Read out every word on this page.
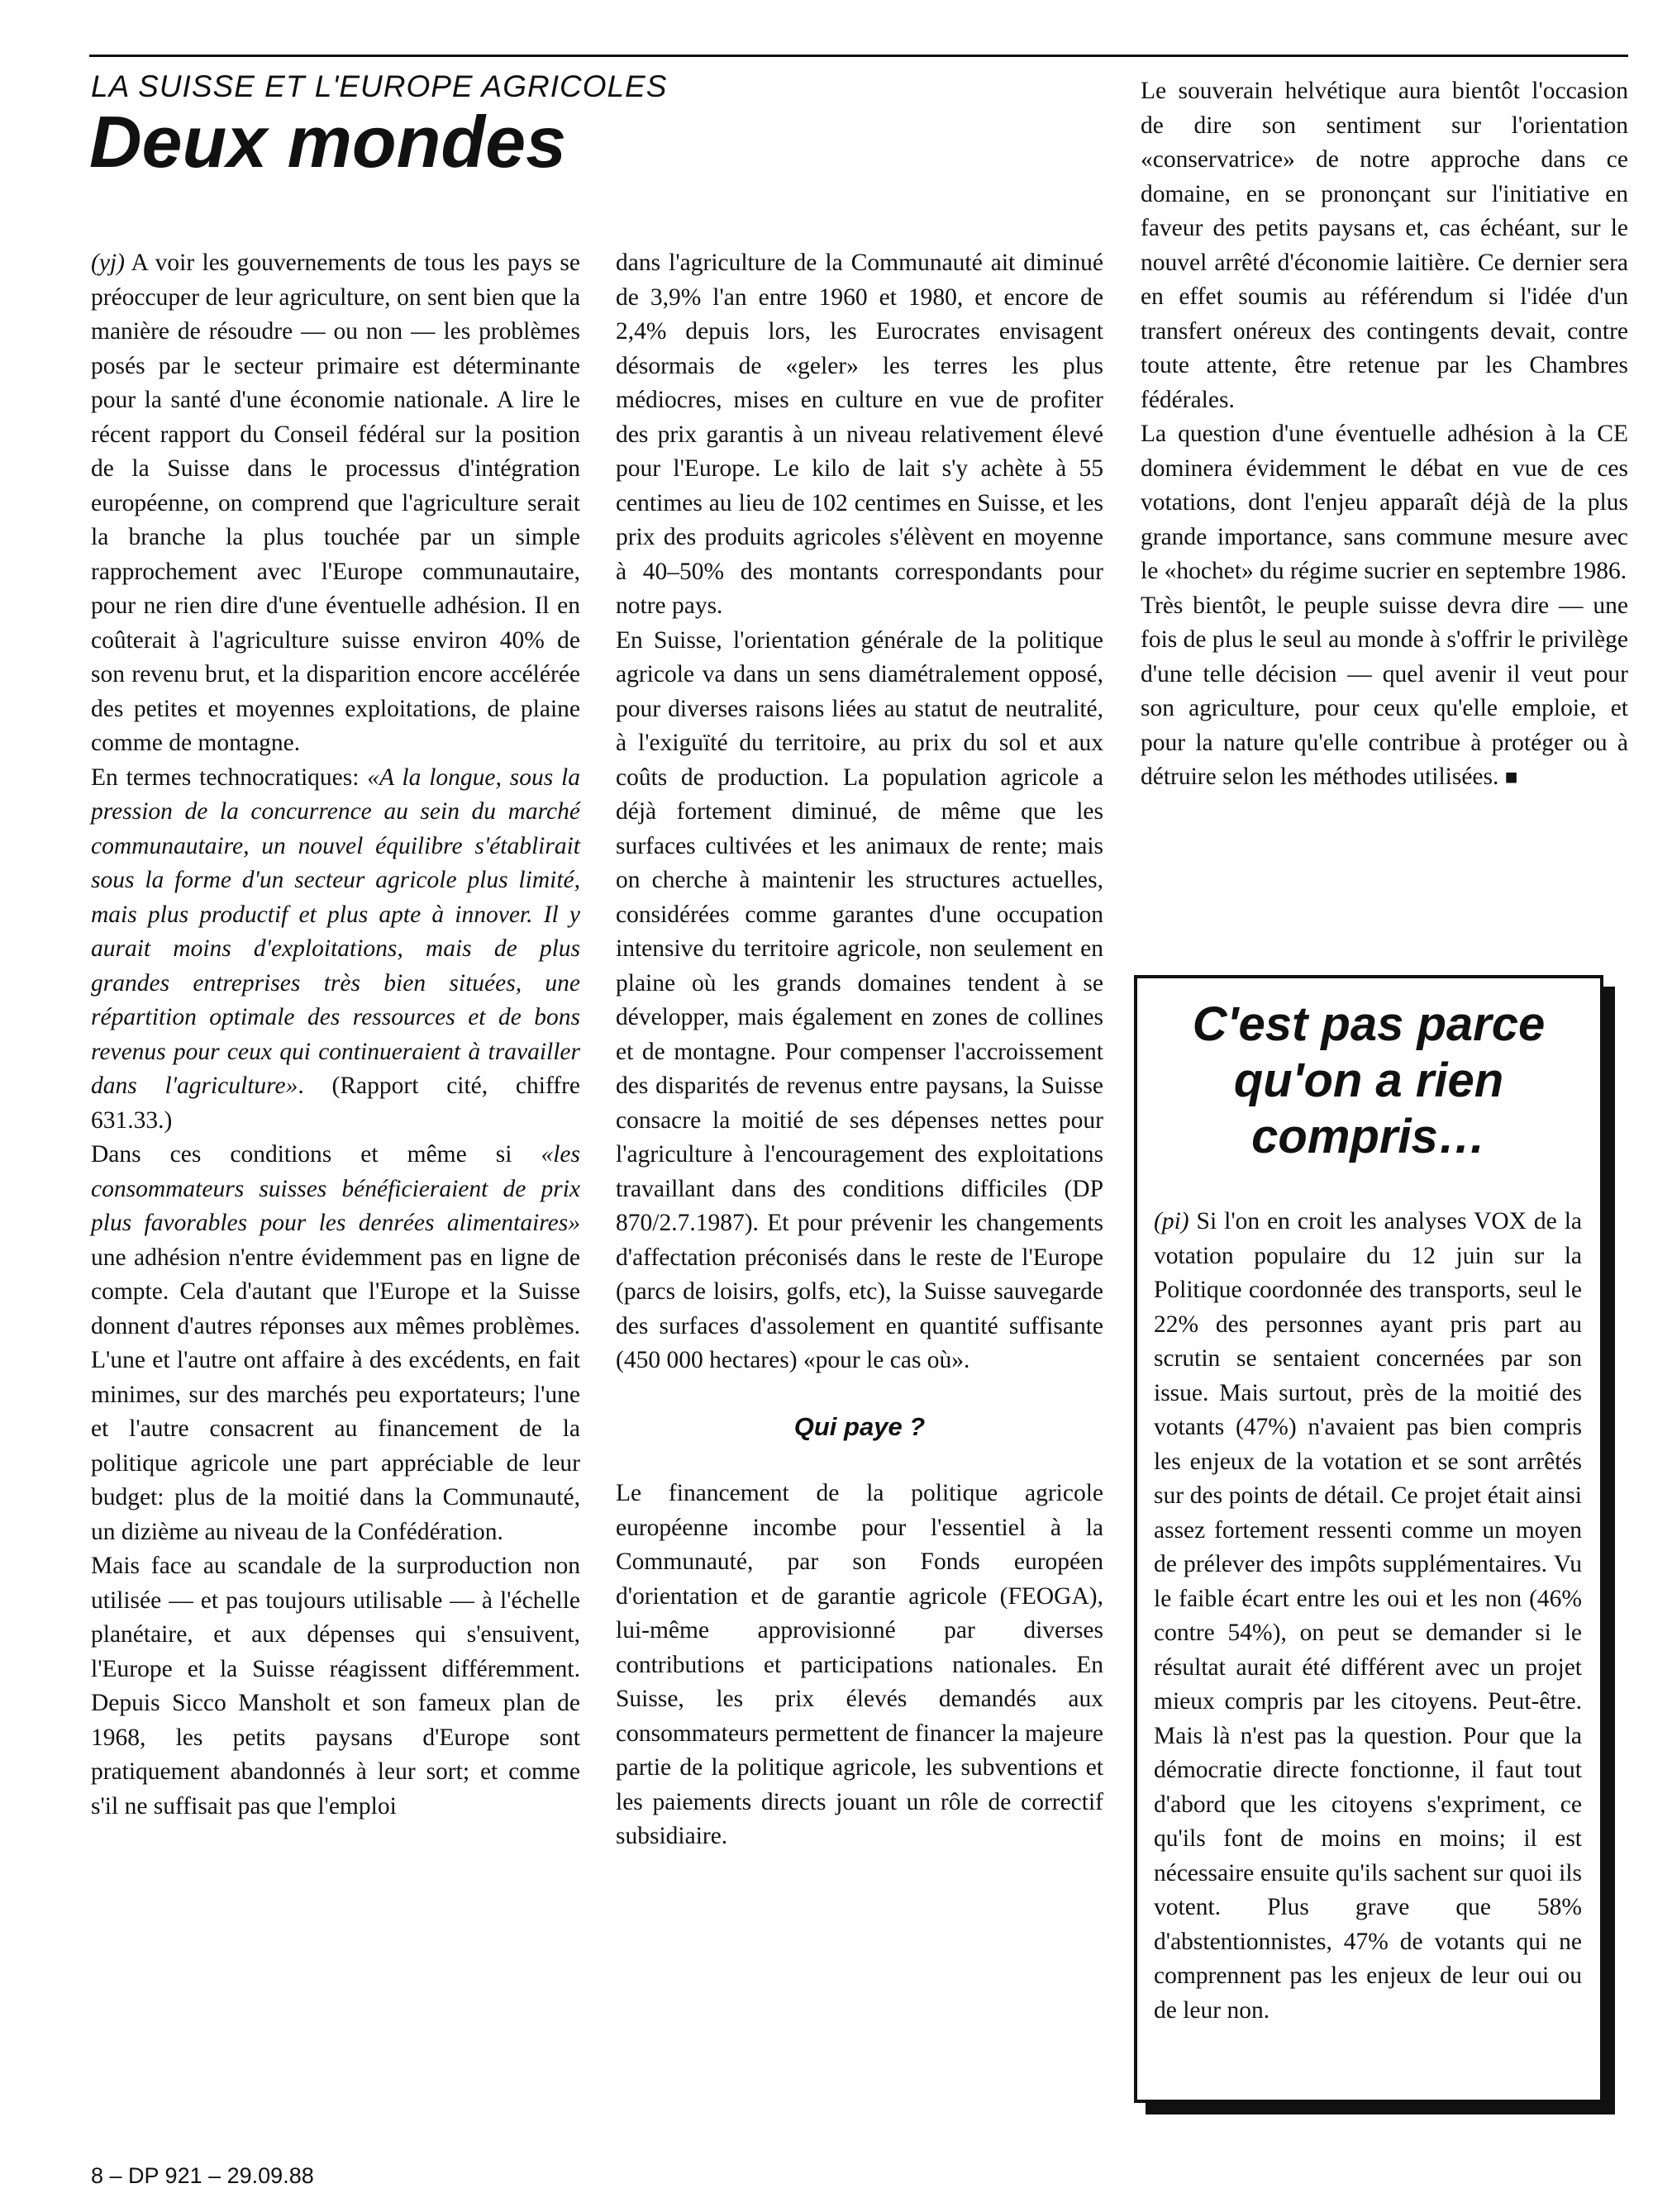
LA SUISSE ET L'EUROPE AGRICOLES
Deux mondes

(yj) A voir les gouvernements de tous les pays se préoccuper de leur agriculture, on sent bien que la manière de résoudre — ou non — les problèmes posés par le secteur primaire est déterminante pour la santé d'une économie nationale. A lire le récent rapport du Conseil fédéral sur la position de la Suisse dans le processus d'intégration européenne, on comprend que l'agriculture serait la branche la plus touchée par un simple rapprochement avec l'Europe communautaire, pour ne rien dire d'une éventuelle adhésion. Il en coûterait à l'agriculture suisse environ 40% de son revenu brut, et la disparition encore accélérée des petites et moyennes exploitations, de plaine comme de montagne.

En termes technocratiques: «A la longue, sous la pression de la concurrence au sein du marché communautaire, un nouvel équilibre s'établirait sous la forme d'un secteur agricole plus limité, mais plus productif et plus apte à innover. Il y aurait moins d'exploitations, mais de plus grandes entreprises très bien situées, une répartition optimale des ressources et de bons revenus pour ceux qui continueraient à travailler dans l'agriculture». (Rapport cité, chiffre 631.33.)

Dans ces conditions et même si «les consommateurs suisses bénéficieraient de prix plus favorables pour les denrées alimentaires» une adhésion n'entre évidemment pas en ligne de compte. Cela d'autant que l'Europe et la Suisse donnent d'autres réponses aux mêmes problèmes. L'une et l'autre ont affaire à des excédents, en fait minimes, sur des marchés peu exportateurs; l'une et l'autre consacrent au financement de la politique agricole une part appréciable de leur budget: plus de la moitié dans la Communauté, un dizième au niveau de la Confédération.

Mais face au scandale de la surproduction non utilisée — et pas toujours utilisable — à l'échelle planétaire, et aux dépenses qui s'ensuivent, l'Europe et la Suisse réagissent différemment. Depuis Sicco Mansholt et son fameux plan de 1968, les petits paysans d'Europe sont pratiquement abandonnés à leur sort; et comme s'il ne suffisait pas que l'emploi

dans l'agriculture de la Communauté ait diminué de 3,9% l'an entre 1960 et 1980, et encore de 2,4% depuis lors, les Eurocrates envisagent désormais de «geler» les terres les plus médiocres, mises en culture en vue de profiter des prix garantis à un niveau relativement élevé pour l'Europe. Le kilo de lait s'y achète à 55 centimes au lieu de 102 centimes en Suisse, et les prix des produits agricoles s'élèvent en moyenne à 40–50% des montants correspondants pour notre pays.

En Suisse, l'orientation générale de la politique agricole va dans un sens diamétralement opposé, pour diverses raisons liées au statut de neutralité, à l'exiguïté du territoire, au prix du sol et aux coûts de production. La population agricole a déjà fortement diminué, de même que les surfaces cultivées et les animaux de rente; mais on cherche à maintenir les structures actuelles, considérées comme garantes d'une occupation intensive du territoire agricole, non seulement en plaine où les grands domaines tendent à se développer, mais également en zones de collines et de montagne. Pour compenser l'accroissement des disparités de revenus entre paysans, la Suisse consacre la moitié de ses dépenses nettes pour l'agriculture à l'encouragement des exploitations travaillant dans des conditions difficiles (DP 870/2.7.1987). Et pour prévenir les changements d'affectation préconisés dans le reste de l'Europe (parcs de loisirs, golfs, etc), la Suisse sauvegarde des surfaces d'assolement en quantité suffisante (450 000 hectares) «pour le cas où».

Qui paye ?

Le financement de la politique agricole européenne incombe pour l'essentiel à la Communauté, par son Fonds européen d'orientation et de garantie agricole (FEOGA), lui-même approvisionné par diverses contributions et participations nationales. En Suisse, les prix élevés demandés aux consommateurs permettent de financer la majeure partie de la politique agricole, les subventions et les paiements directs jouant un rôle de correctif subsidiaire.

Le souverain helvétique aura bientôt l'occasion de dire son sentiment sur l'orientation «conservatrice» de notre approche dans ce domaine, en se prononçant sur l'initiative en faveur des petits paysans et, cas échéant, sur le nouvel arrêté d'économie laitière. Ce dernier sera en effet soumis au référendum si l'idée d'un transfert onéreux des contingents devait, contre toute attente, être retenue par les Chambres fédérales.

La question d'une éventuelle adhésion à la CE dominera évidemment le débat en vue de ces votations, dont l'enjeu apparaît déjà de la plus grande importance, sans commune mesure avec le «hochet» du régime sucrier en septembre 1986.

Très bientôt, le peuple suisse devra dire — une fois de plus le seul au monde à s'offrir le privilège d'une telle décision — quel avenir il veut pour son agriculture, pour ceux qu'elle emploie, et pour la nature qu'elle contribue à protéger ou à détruire selon les méthodes utilisées. ■

C'est pas parce qu'on a rien compris…

(pi) Si l'on en croit les analyses VOX de la votation populaire du 12 juin sur la Politique coordonnée des transports, seul le 22% des personnes ayant pris part au scrutin se sentaient concernées par son issue. Mais surtout, près de la moitié des votants (47%) n'avaient pas bien compris les enjeux de la votation et se sont arrêtés sur des points de détail. Ce projet était ainsi assez fortement ressenti comme un moyen de prélever des impôts supplémentaires. Vu le faible écart entre les oui et les non (46% contre 54%), on peut se demander si le résultat aurait été différent avec un projet mieux compris par les citoyens. Peut-être. Mais là n'est pas la question. Pour que la démocratie directe fonctionne, il faut tout d'abord que les citoyens s'expriment, ce qu'ils font de moins en moins; il est nécessaire ensuite qu'ils sachent sur quoi ils votent. Plus grave que 58% d'abstentionnistes, 47% de votants qui ne comprennent pas les enjeux de leur oui ou de leur non.

8 – DP 921 – 29.09.88
